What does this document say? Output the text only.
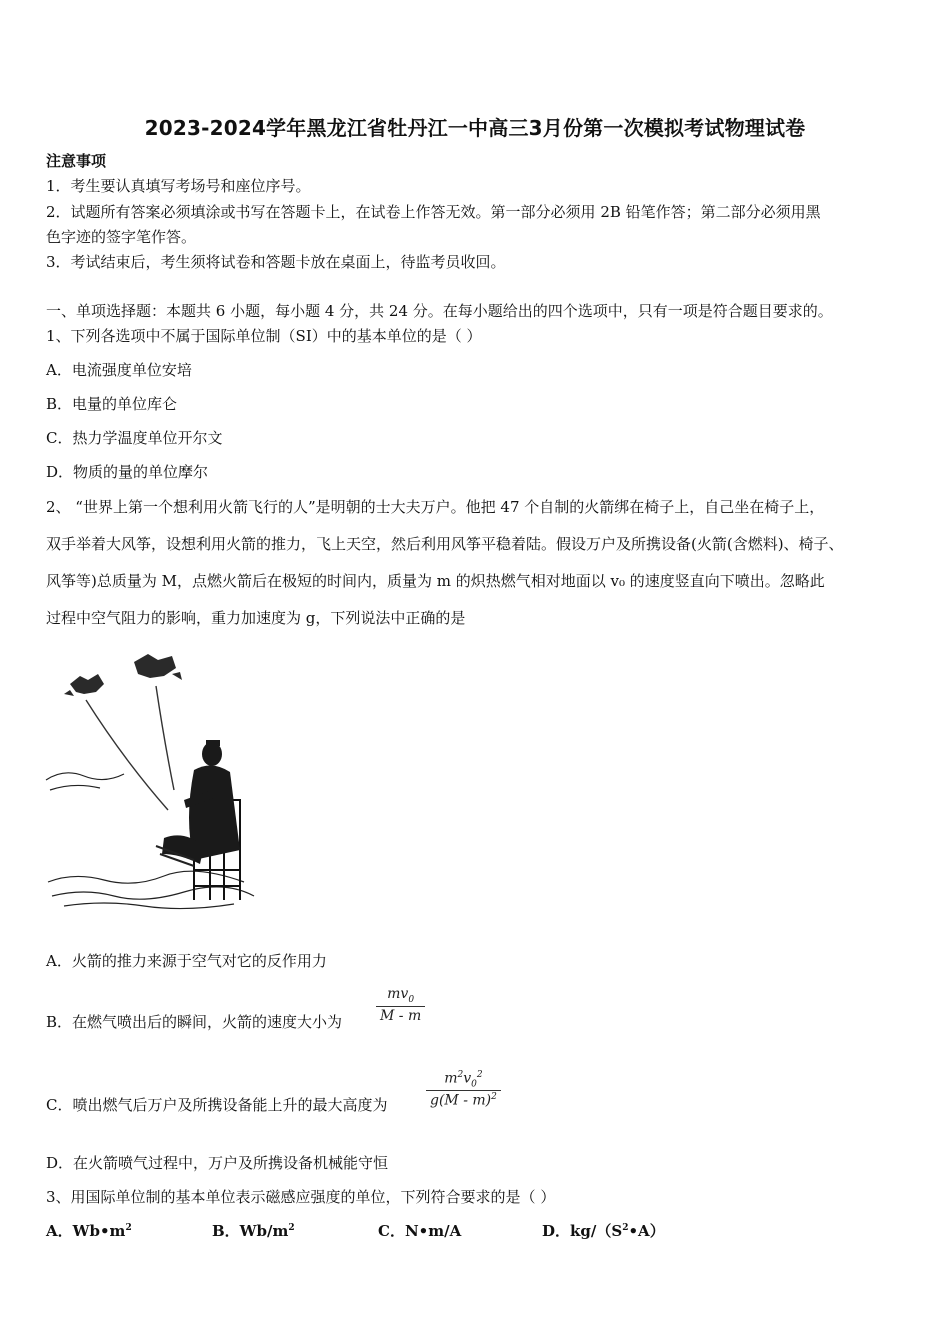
2023-2024学年黑龙江省牡丹江一中高三3月份第一次模拟考试物理试卷
注意事项
1．考生要认真填写考场号和座位序号。
2．试题所有答案必须填涂或书写在答题卡上，在试卷上作答无效。第一部分必须用 2B 铅笔作答；第二部分必须用黑
色字迹的签字笔作答。
3．考试结束后，考生须将试卷和答题卡放在桌面上，待监考员收回。
一、单项选择题：本题共 6 小题，每小题 4 分，共 24 分。在每小题给出的四个选项中，只有一项是符合题目要求的。
1、下列各选项中不属于国际单位制（SI）中的基本单位的是（ ）
A．电流强度单位安培
B．电量的单位库仑
C．热力学温度单位开尔文
D．物质的量的单位摩尔
2、 “世界上第一个想利用火箭飞行的人”是明朝的士大夫万户。他把 47 个自制的火箭绑在椅子上，自己坐在椅子上，
双手举着大风筝，设想利用火箭的推力，飞上天空，然后利用风筝平稳着陆。假设万户及所携设备(火箭(含燃料)、椅子、
风筝等)总质量为 M，点燃火箭后在极短的时间内，质量为 m 的炽热燃气相对地面以 v₀ 的速度竖直向下喷出。忽略此
过程中空气阻力的影响，重力加速度为 g，下列说法中正确的是
A．火箭的推力来源于空气对它的反作用力
B．在燃气喷出后的瞬间，火箭的速度大小为
$mv_0$
M - m
C．喷出燃气后万户及所携设备能上升的最大高度为
$m^2v_0^2$
g(M - m)$^2$
D．在火箭喷气过程中，万户及所携设备机械能守恒
3、用国际单位制的基本单位表示磁感应强度的单位，下列符合要求的是（ ）
A．$Wb•m^2$	B．$Wb/m^2$	C．N•m/A	D．$kg/(S^2•A)$
